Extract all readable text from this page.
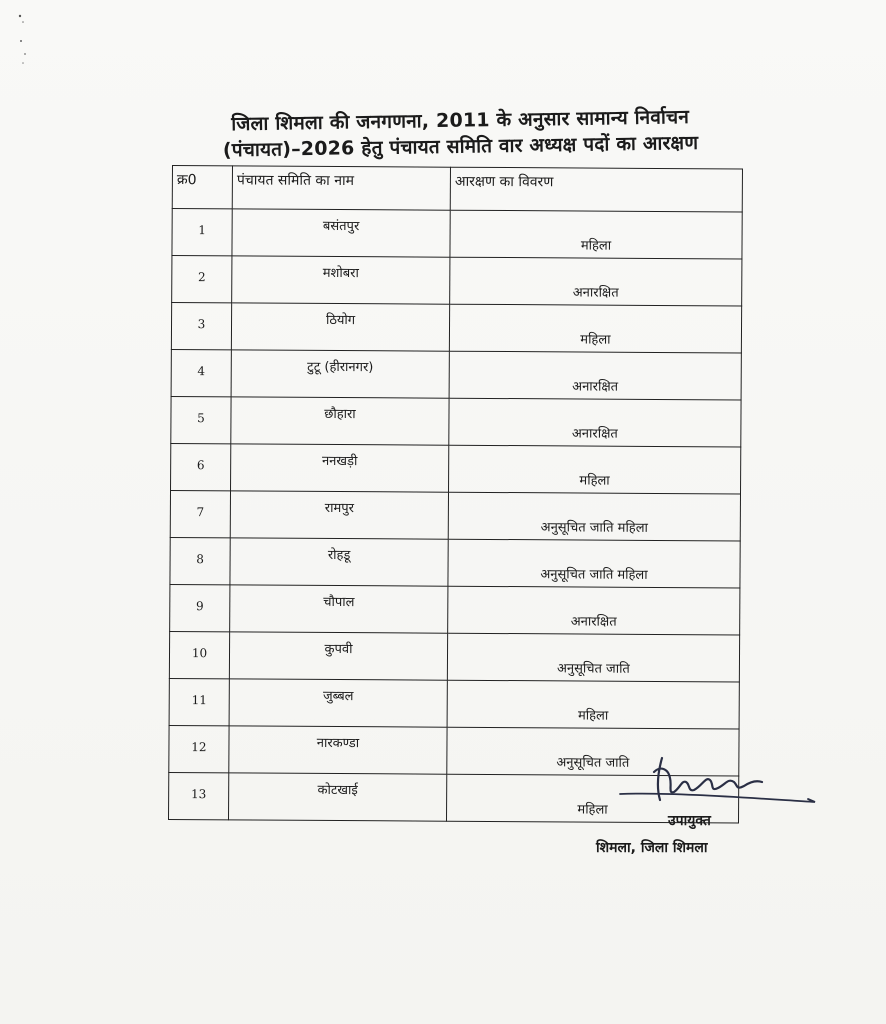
जिला शिमला की जनगणना, 2011 के अनुसार सामान्य निर्वाचन
(पंचायत)–2026 हेतु पंचायत समिति वार अध्यक्ष पदों का आरक्षण
क्र0	पंचायत समिति का नाम	आरक्षण का विवरण
1	बसंतपुर	महिला
2	मशोबरा	अनारक्षित
3	ठियोग	महिला
4	टुटू (हीरानगर)	अनारक्षित
5	छौहारा	अनारक्षित
6	ननखड़ी	महिला
7	रामपुर	अनुसूचित जाति महिला
8	रोहडू	अनुसूचित जाति महिला
9	चौपाल	अनारक्षित
10	कुपवी	अनुसूचित जाति
11	जुब्बल	महिला
12	नारकण्डा	अनुसूचित जाति
13	कोटखाई	महिला
उपायुक्त
शिमला, जिला शिमला
